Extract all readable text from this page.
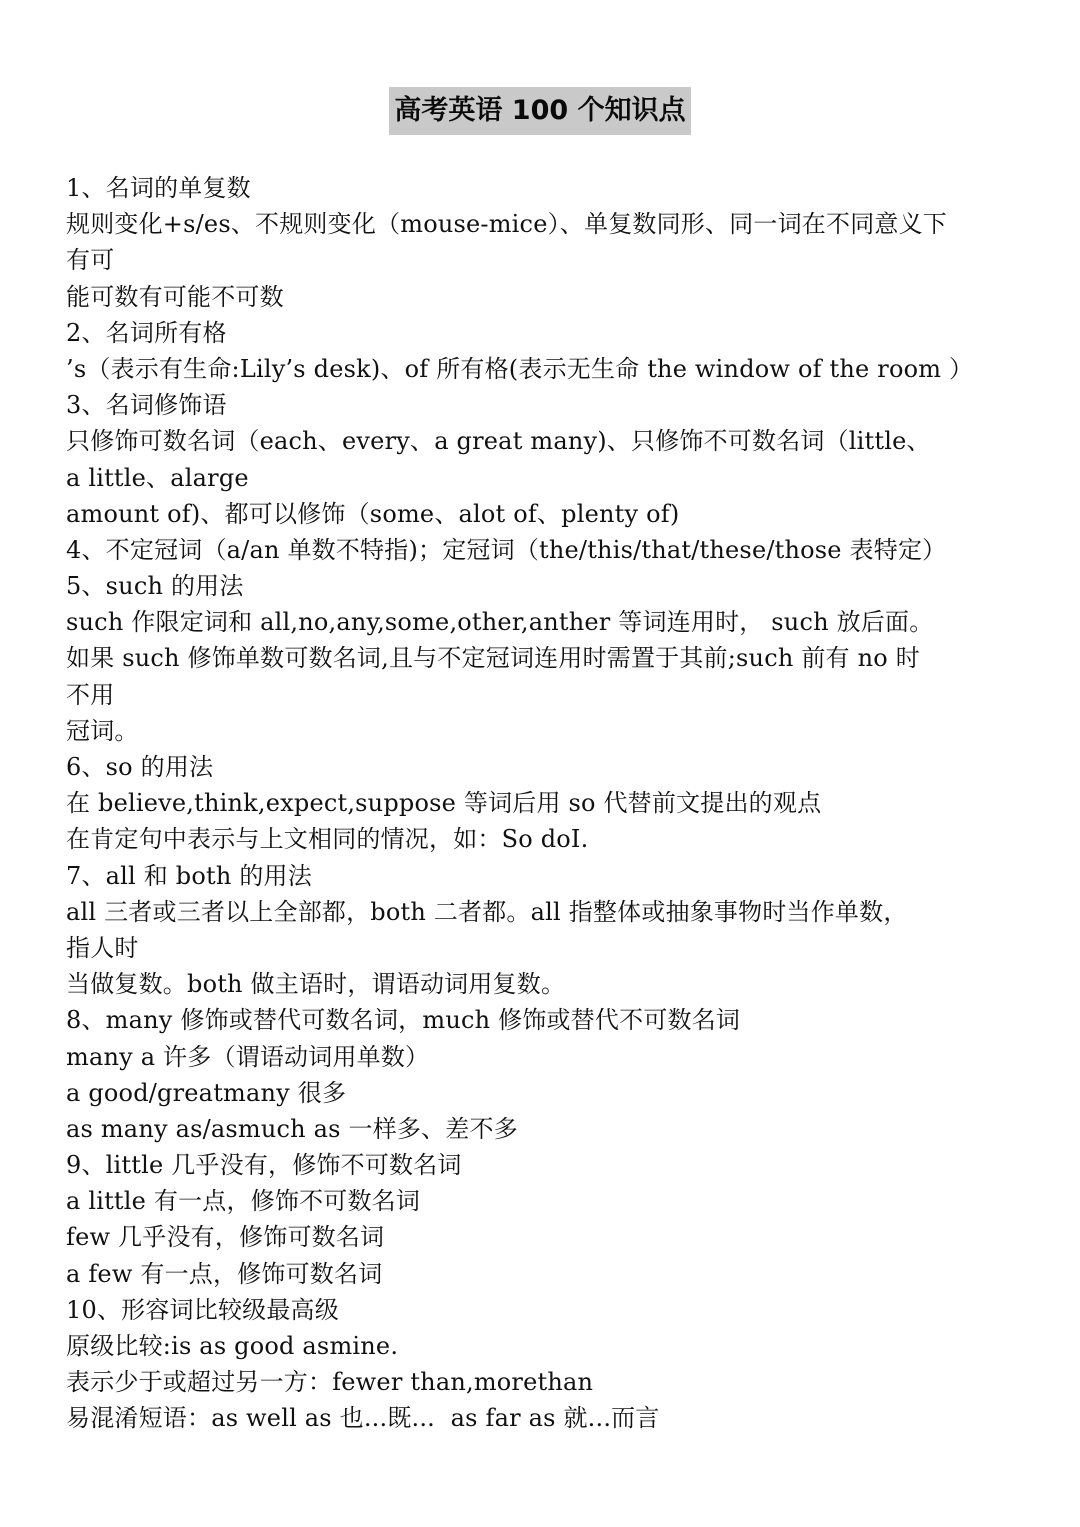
高考英语 100 个知识点
1、名词的单复数
规则变化+s/es、不规则变化（mouse-mice）、单复数同形、同一词在不同意义下
有可
能可数有可能不可数
2、名词所有格
’s（表示有生命:Lily’s desk)、of 所有格(表示无生命 the window of the room ）
3、名词修饰语
只修饰可数名词（each、every、a great many)、只修饰不可数名词（little、
a little、alarge
amount of)、都可以修饰（some、alot of、plenty of)
4、不定冠词（a/an 单数不特指)；定冠词（the/this/that/these/those 表特定）
5、such 的用法
such 作限定词和 all,no,any,some,other,anther 等词连用时， such 放后面。
如果 such 修饰单数可数名词,且与不定冠词连用时需置于其前;such 前有 no 时
不用
冠词。
6、so 的用法
在 believe,think,expect,suppose 等词后用 so 代替前文提出的观点
在肯定句中表示与上文相同的情况，如：So doI.
7、all 和 both 的用法
all 三者或三者以上全部都，both 二者都。all 指整体或抽象事物时当作单数，
指人时
当做复数。both 做主语时，谓语动词用复数。
8、many 修饰或替代可数名词，much 修饰或替代不可数名词
many a 许多（谓语动词用单数）
a good/greatmany 很多
as many as/asmuch as 一样多、差不多
9、little 几乎没有，修饰不可数名词
a little 有一点，修饰不可数名词
few 几乎没有，修饰可数名词
a few 有一点，修饰可数名词
10、形容词比较级最高级
原级比较:is as good asmine.
表示少于或超过另一方：fewer than,morethan
易混淆短语：as well as 也...既...  as far as 就...而言
